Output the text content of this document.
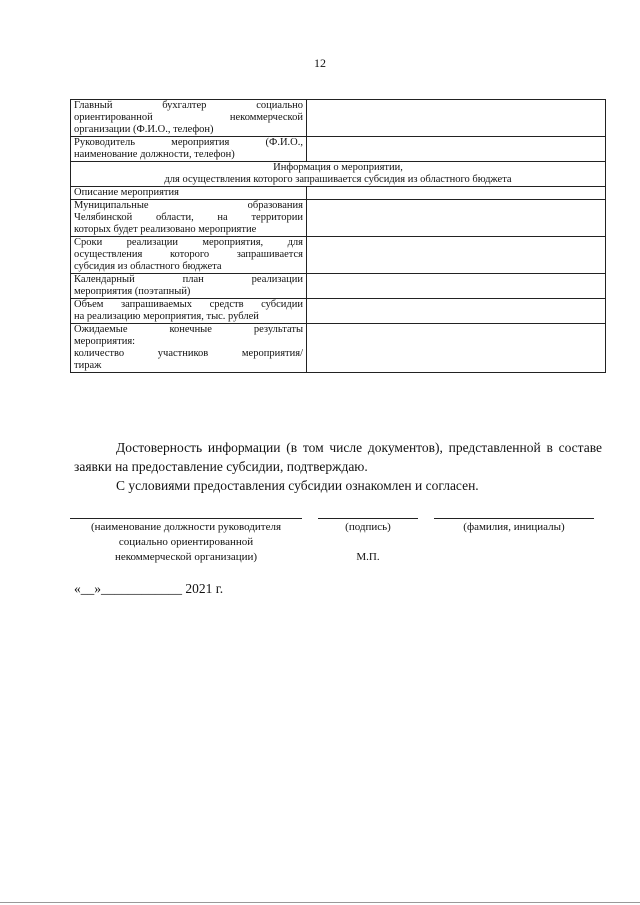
12
Главный бухгалтер социально
ориентированной некоммерческой
организации (Ф.И.О., телефон)	

Руководитель мероприятия (Ф.И.О.,
наименование должности, телефон)	

Информация о мероприятии,
для осуществления которого запрашивается субсидия из областного бюджета	

Описание мероприятия	

Муниципальные образования
Челябинской области, на территории
которых будет реализовано мероприятие	

Сроки реализации мероприятия, для
осуществления которого запрашивается
субсидия из областного бюджета	

Календарный план реализации
мероприятия (поэтапный)	

Объем запрашиваемых средств субсидии
на реализацию мероприятия, тыс. рублей	

Ожидаемые конечные результаты
мероприятия:
количество участников мероприятия/
тираж	

Достоверность информации (в том числе документов), представленной в составе заявки на предоставление субсидии, подтверждаю.

С условиями предоставления субсидии ознакомлен и согласен.

(наименование должности руководителя
социально ориентированной
некоммерческой организации)
(подпись)
М.П.
(фамилия, инициалы)
«__»____________ 2021 г.
